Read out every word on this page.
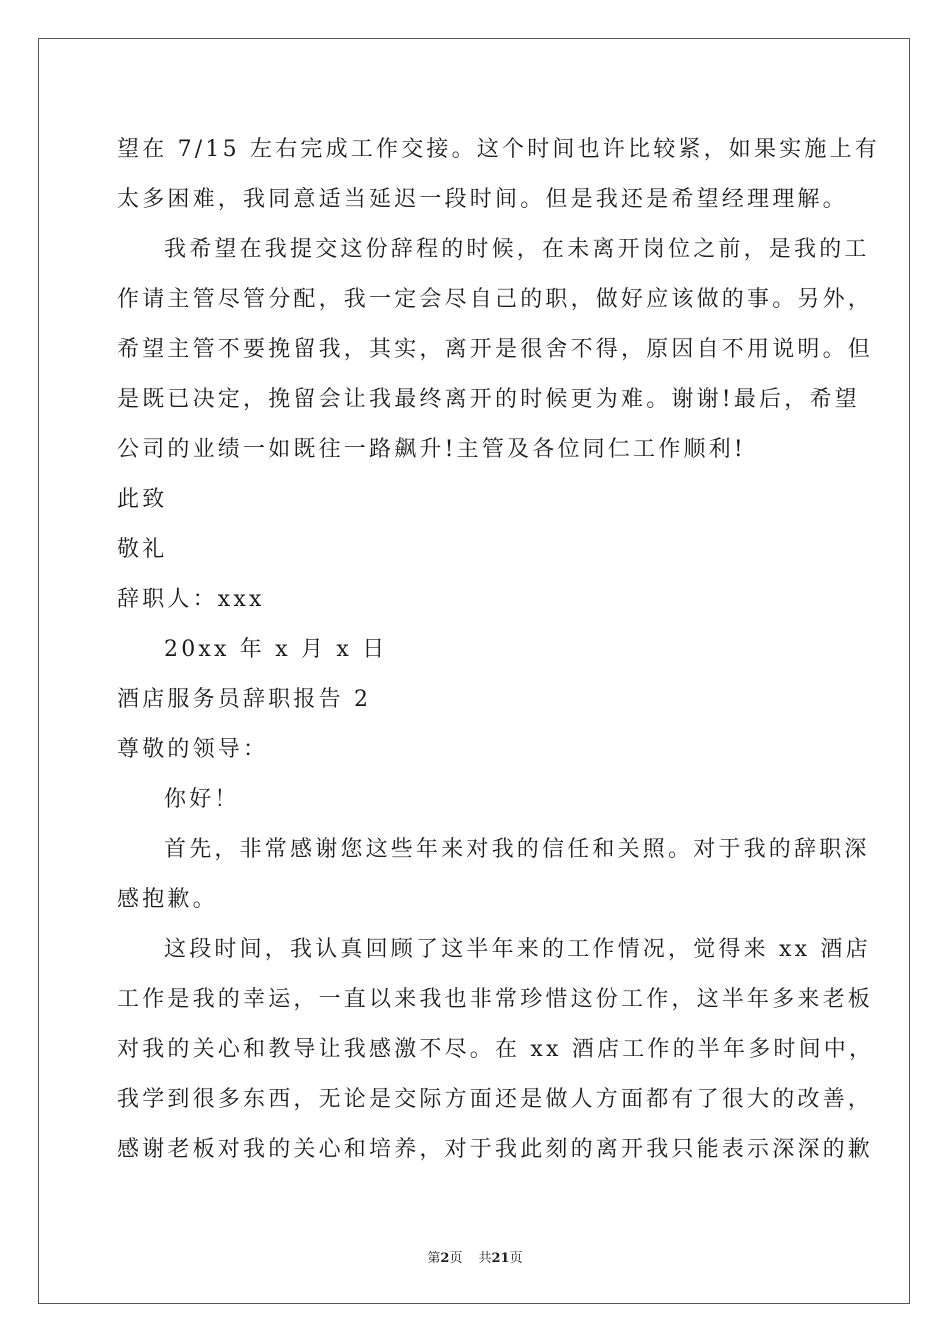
望在 7/15 左右完成工作交接。这个时间也许比较紧，如果实施上有
太多困难，我同意适当延迟一段时间。但是我还是希望经理理解。
我希望在我提交这份辞程的时候，在未离开岗位之前，是我的工
作请主管尽管分配，我一定会尽自己的职，做好应该做的事。另外，
希望主管不要挽留我，其实，离开是很舍不得，原因自不用说明。但
是既已决定，挽留会让我最终离开的时候更为难。谢谢!最后，希望
公司的业绩一如既往一路飙升!主管及各位同仁工作顺利!
此致
敬礼
辞职人：xxx
20xx 年 x 月 x 日
酒店服务员辞职报告 2
尊敬的领导：
你好！
首先，非常感谢您这些年来对我的信任和关照。对于我的辞职深
感抱歉。
这段时间，我认真回顾了这半年来的工作情况，觉得来 xx 酒店
工作是我的幸运，一直以来我也非常珍惜这份工作，这半年多来老板
对我的关心和教导让我感激不尽。在 xx 酒店工作的半年多时间中，
我学到很多东西，无论是交际方面还是做人方面都有了很大的改善，
感谢老板对我的关心和培养，对于我此刻的离开我只能表示深深的歉
第2页 共21页
